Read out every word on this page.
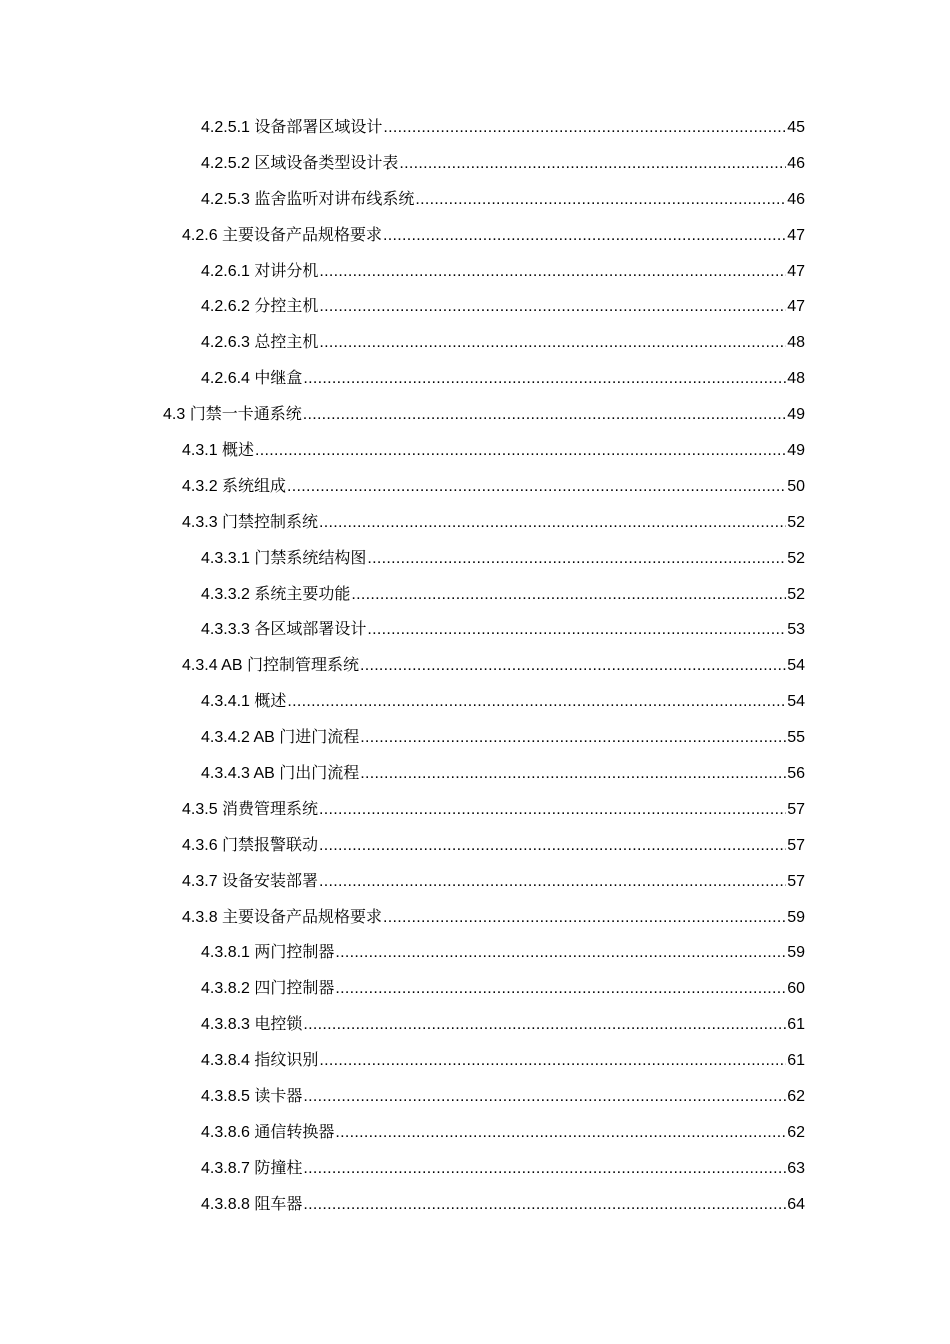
4.2.5.1 设备部署区域设计 .....	45
4.2.5.2 区域设备类型设计表 .....	46
4.2.5.3 监舍监听对讲布线系统 .....	46
4.2.6 主要设备产品规格要求 .....	47
4.2.6.1 对讲分机 .....	47
4.2.6.2 分控主机 .....	47
4.2.6.3 总控主机 .....	48
4.2.6.4 中继盒 .....	48
4.3 门禁一卡通系统 .....	49
4.3.1 概述 .....	49
4.3.2 系统组成 .....	50
4.3.3 门禁控制系统 .....	52
4.3.3.1 门禁系统结构图 .....	52
4.3.3.2 系统主要功能 .....	52
4.3.3.3 各区域部署设计 .....	53
4.3.4 AB 门控制管理系统 .....	54
4.3.4.1 概述 .....	54
4.3.4.2 AB 门进门流程 .....	55
4.3.4.3 AB 门出门流程 .....	56
4.3.5 消费管理系统 .....	57
4.3.6 门禁报警联动 .....	57
4.3.7 设备安装部署 .....	57
4.3.8 主要设备产品规格要求 .....	59
4.3.8.1 两门控制器 .....	59
4.3.8.2 四门控制器 .....	60
4.3.8.3 电控锁 .....	61
4.3.8.4 指纹识别 .....	61
4.3.8.5 读卡器 .....	62
4.3.8.6 通信转换器 .....	62
4.3.8.7 防撞柱 .....	63
4.3.8.8 阻车器 .....	64
